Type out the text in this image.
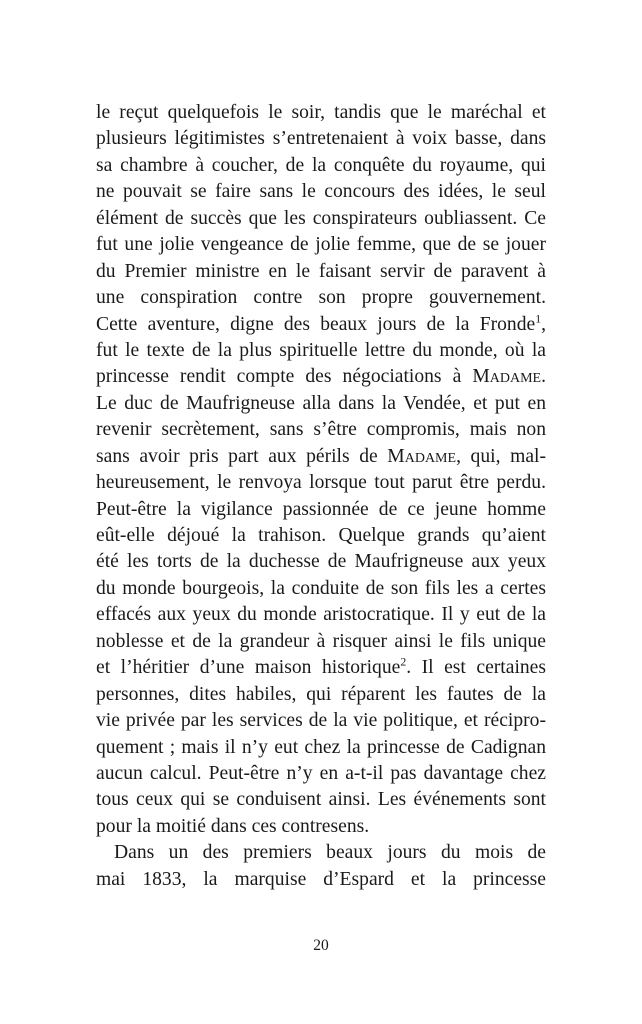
le reçut quelquefois le soir, tandis que le maréchal et
plusieurs légitimistes s’entretenaient à voix basse, dans
sa chambre à coucher, de la conquête du royaume, qui
ne pouvait se faire sans le concours des idées, le seul
élément de succès que les conspirateurs oubliassent. Ce
fut une jolie vengeance de jolie femme, que de se jouer
du Premier ministre en le faisant servir de paravent à
une conspiration contre son propre gouvernement.
Cette aventure, digne des beaux jours de la Fronde$^1$,
fut le texte de la plus spirituelle lettre du monde, où la
princesse rendit compte des négociations à Madame.
Le duc de Maufrigneuse alla dans la Vendée, et put en
revenir secrètement, sans s’être compromis, mais non
sans avoir pris part aux périls de Madame, qui, mal-
heureusement, le renvoya lorsque tout parut être perdu.
Peut-être la vigilance passionnée de ce jeune homme
eût-elle déjoué la trahison. Quelque grands qu’aient
été les torts de la duchesse de Maufrigneuse aux yeux
du monde bourgeois, la conduite de son fils les a certes
effacés aux yeux du monde aristocratique. Il y eut de la
noblesse et de la grandeur à risquer ainsi le fils unique
et l’héritier d’une maison historique$^2$. Il est certaines
personnes, dites habiles, qui réparent les fautes de la
vie privée par les services de la vie politique, et récipro-
quement ; mais il n’y eut chez la princesse de Cadignan
aucun calcul. Peut-être n’y en a-t-il pas davantage chez
tous ceux qui se conduisent ainsi. Les événements sont
pour la moitié dans ces contresens.
Dans un des premiers beaux jours du mois de
mai 1833, la marquise d’Espard et la princesse
20
